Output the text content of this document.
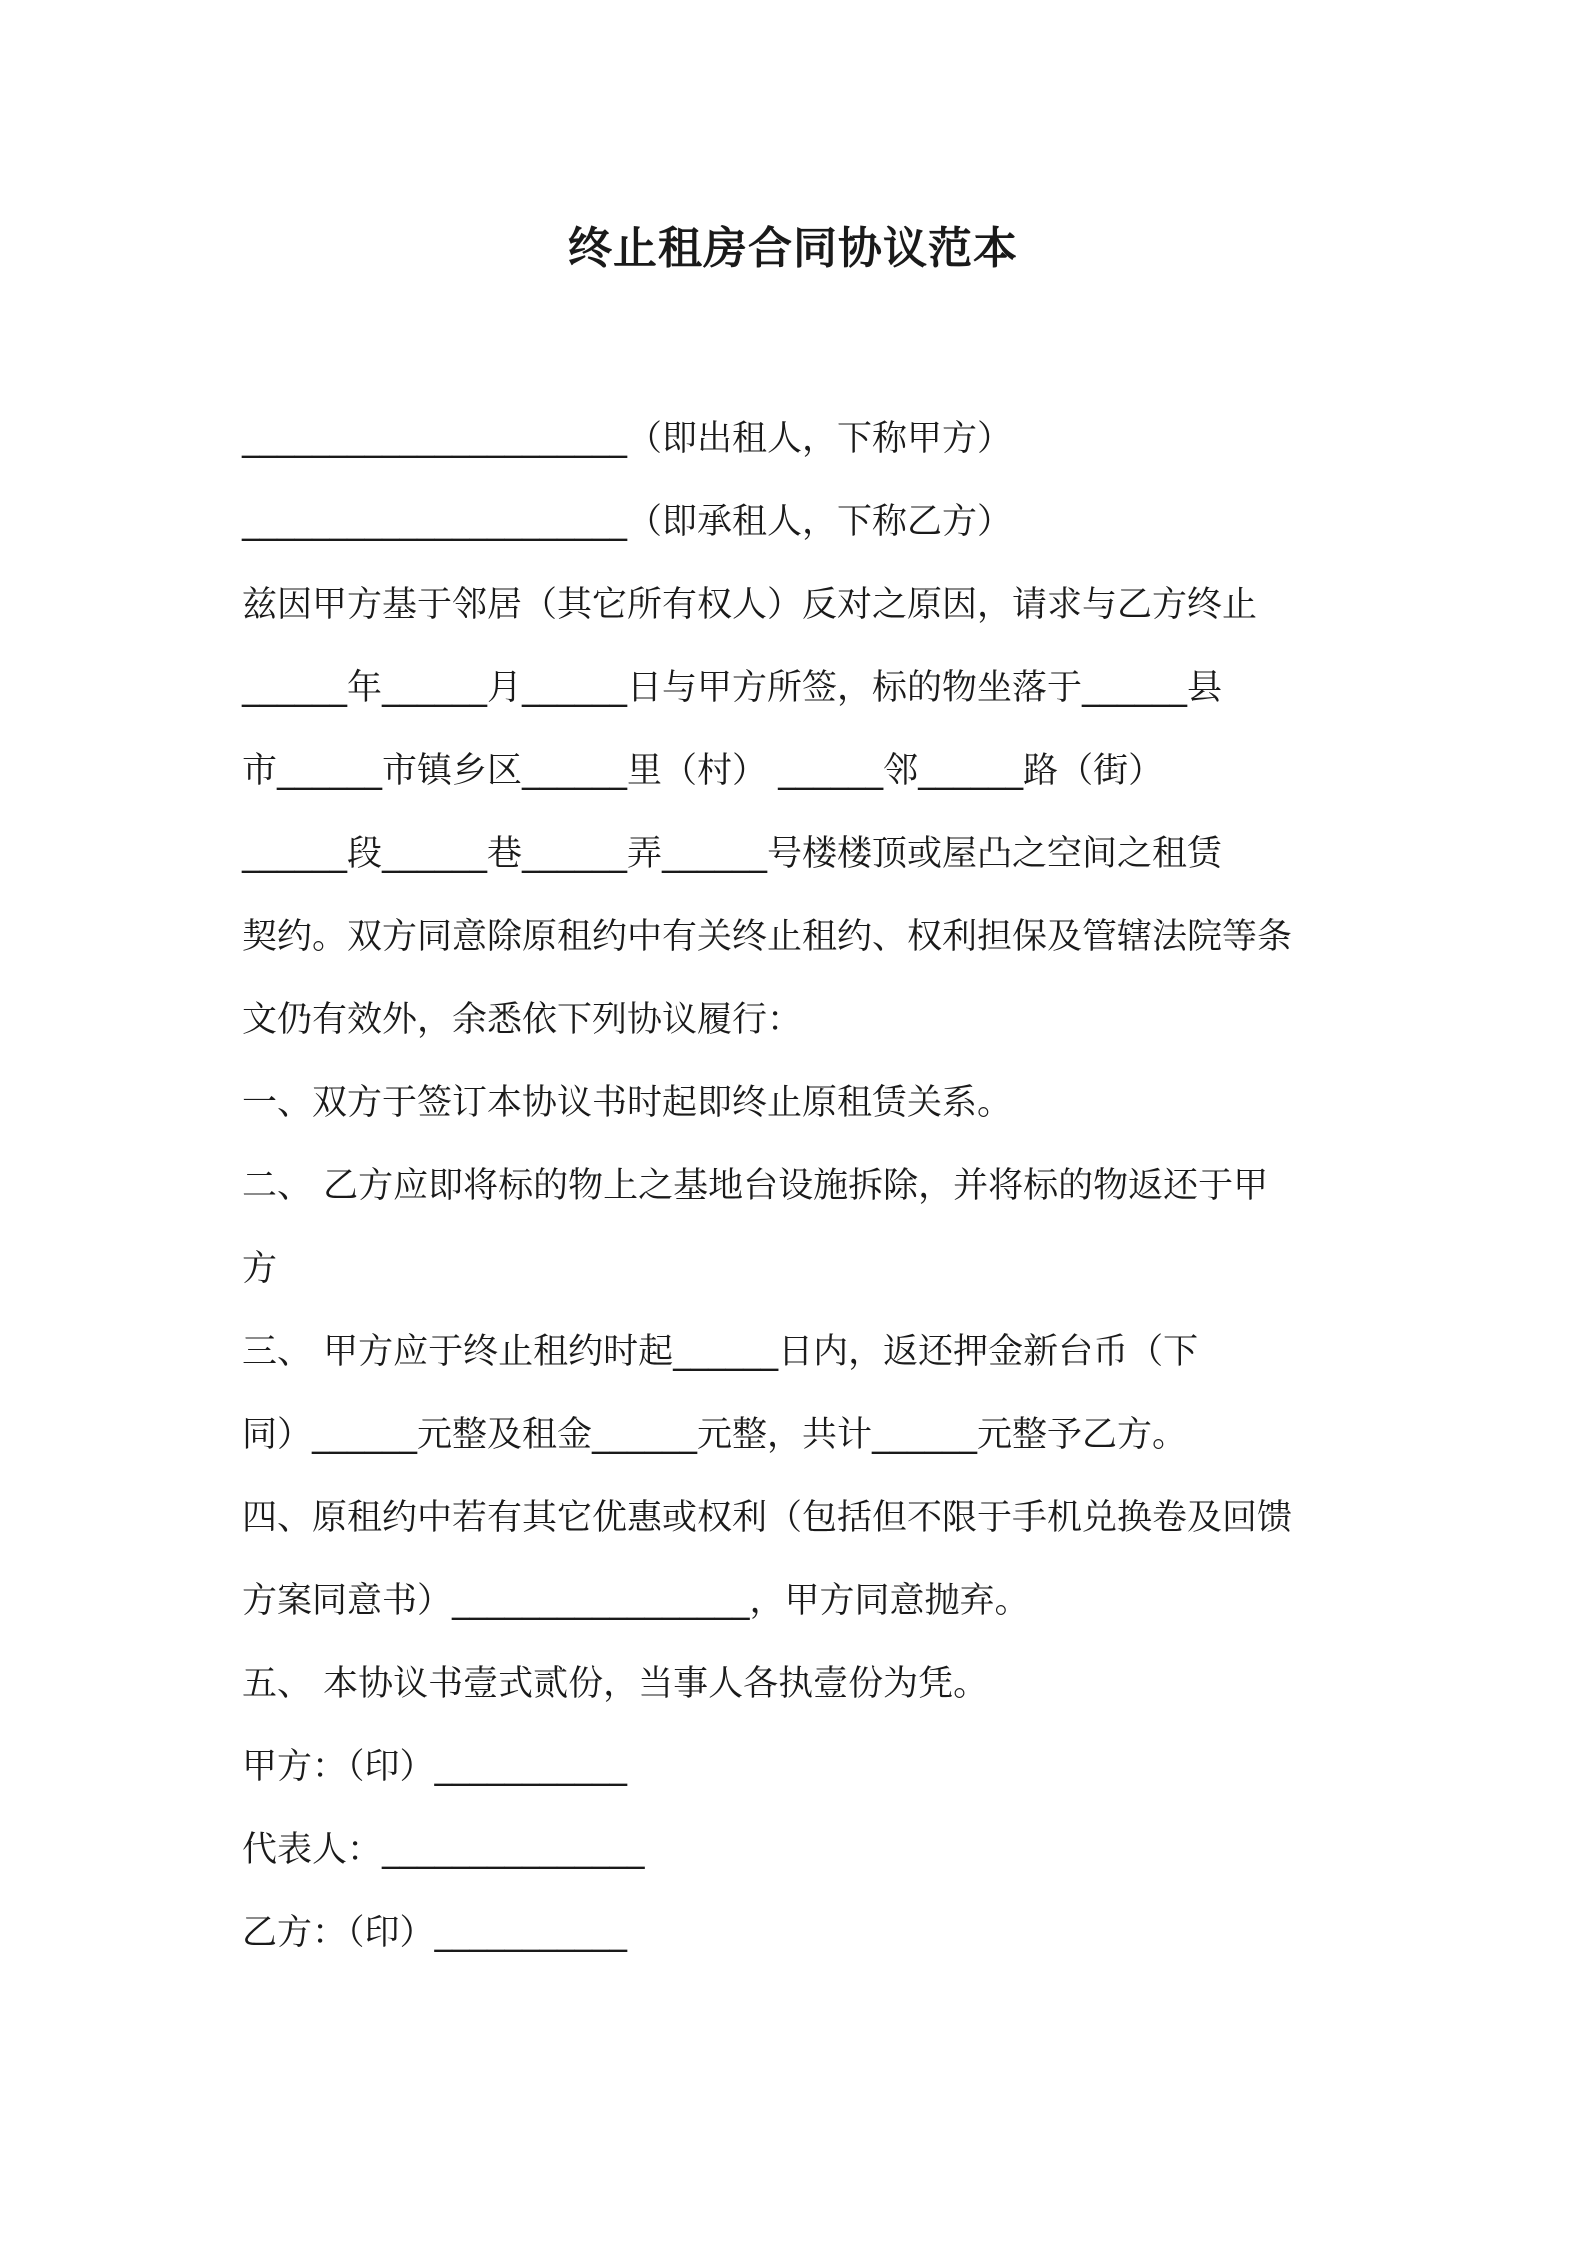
终止租房合同协议范本
______________________（即出租人，下称甲方）
______________________（即承租人，下称乙方）
兹因甲方基于邻居（其它所有权人）反对之原因，请求与乙方终止
______年______月______日与甲方所签，标的物坐落于______县
市______市镇乡区______里（村） ______邻______路（街）
______段______巷______弄______号楼楼顶或屋凸之空间之租赁
契约。双方同意除原租约中有关终止租约、权利担保及管辖法院等条
文仍有效外，余悉依下列协议履行：
一、双方于签订本协议书时起即终止原租赁关系。
二、 乙方应即将标的物上之基地台设施拆除，并将标的物返还于甲
方
三、 甲方应于终止租约时起______日内，返还押金新台币（下
同）______元整及租金______元整，共计______元整予乙方。
四、原租约中若有其它优惠或权利（包括但不限于手机兑换卷及回馈
方案同意书）_________________，甲方同意抛弃。
五、 本协议书壹式贰份，当事人各执壹份为凭。
甲方：（印）___________
代表人：_______________
乙方：（印）___________
